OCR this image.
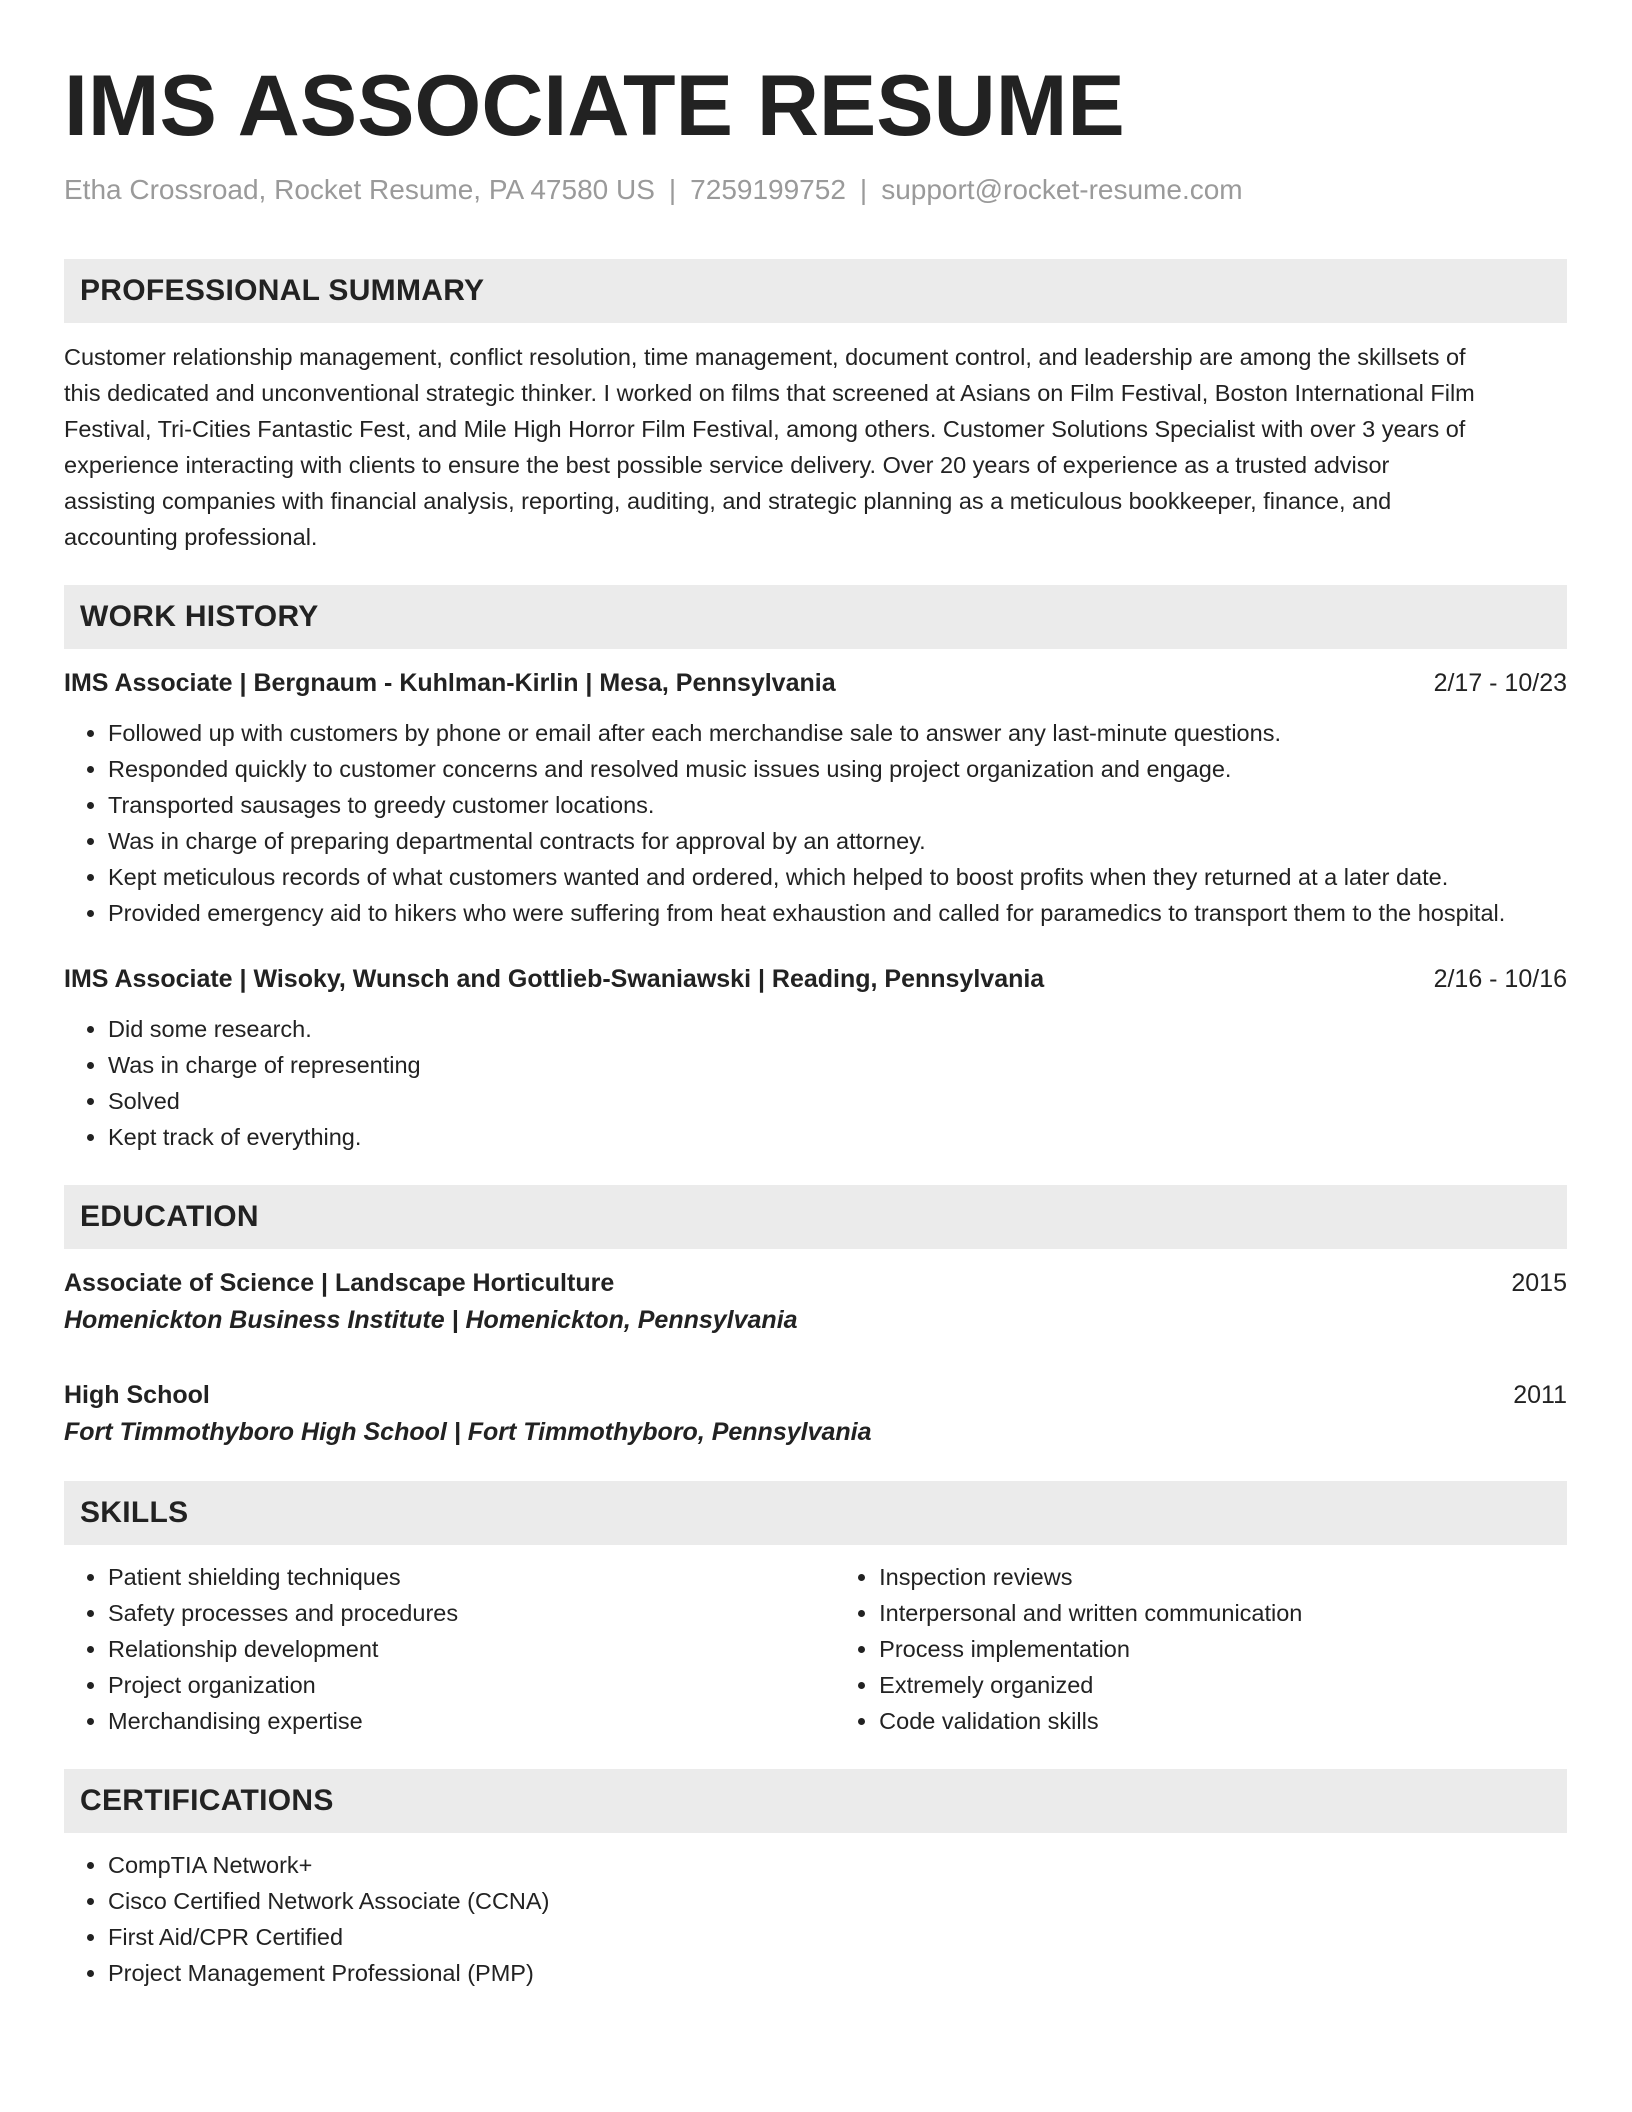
IMS ASSOCIATE RESUME
Etha Crossroad, Rocket Resume, PA 47580 US | 7259199752 | support@rocket-resume.com
PROFESSIONAL SUMMARY
Customer relationship management, conflict resolution, time management, document control, and leadership are among the skillsets of
this dedicated and unconventional strategic thinker. I worked on films that screened at Asians on Film Festival, Boston International Film
Festival, Tri-Cities Fantastic Fest, and Mile High Horror Film Festival, among others. Customer Solutions Specialist with over 3 years of
experience interacting with clients to ensure the best possible service delivery. Over 20 years of experience as a trusted advisor
assisting companies with financial analysis, reporting, auditing, and strategic planning as a meticulous bookkeeper, finance, and
accounting professional.
WORK HISTORY
IMS Associate | Bergnaum - Kuhlman-Kirlin | Mesa, Pennsylvania	2/17 - 10/23
• Followed up with customers by phone or email after each merchandise sale to answer any last-minute questions.
• Responded quickly to customer concerns and resolved music issues using project organization and engage.
• Transported sausages to greedy customer locations.
• Was in charge of preparing departmental contracts for approval by an attorney.
• Kept meticulous records of what customers wanted and ordered, which helped to boost profits when they returned at a later date.
• Provided emergency aid to hikers who were suffering from heat exhaustion and called for paramedics to transport them to the hospital.
IMS Associate | Wisoky, Wunsch and Gottlieb-Swaniawski | Reading, Pennsylvania	2/16 - 10/16
• Did some research.
• Was in charge of representing
• Solved
• Kept track of everything.
EDUCATION
Associate of Science | Landscape Horticulture	2015
Homenickton Business Institute | Homenickton, Pennsylvania
High School	2011
Fort Timmothyboro High School | Fort Timmothyboro, Pennsylvania
SKILLS
• Patient shielding techniques
• Safety processes and procedures
• Relationship development
• Project organization
• Merchandising expertise
• Inspection reviews
• Interpersonal and written communication
• Process implementation
• Extremely organized
• Code validation skills
CERTIFICATIONS
• CompTIA Network+
• Cisco Certified Network Associate (CCNA)
• First Aid/CPR Certified
• Project Management Professional (PMP)
